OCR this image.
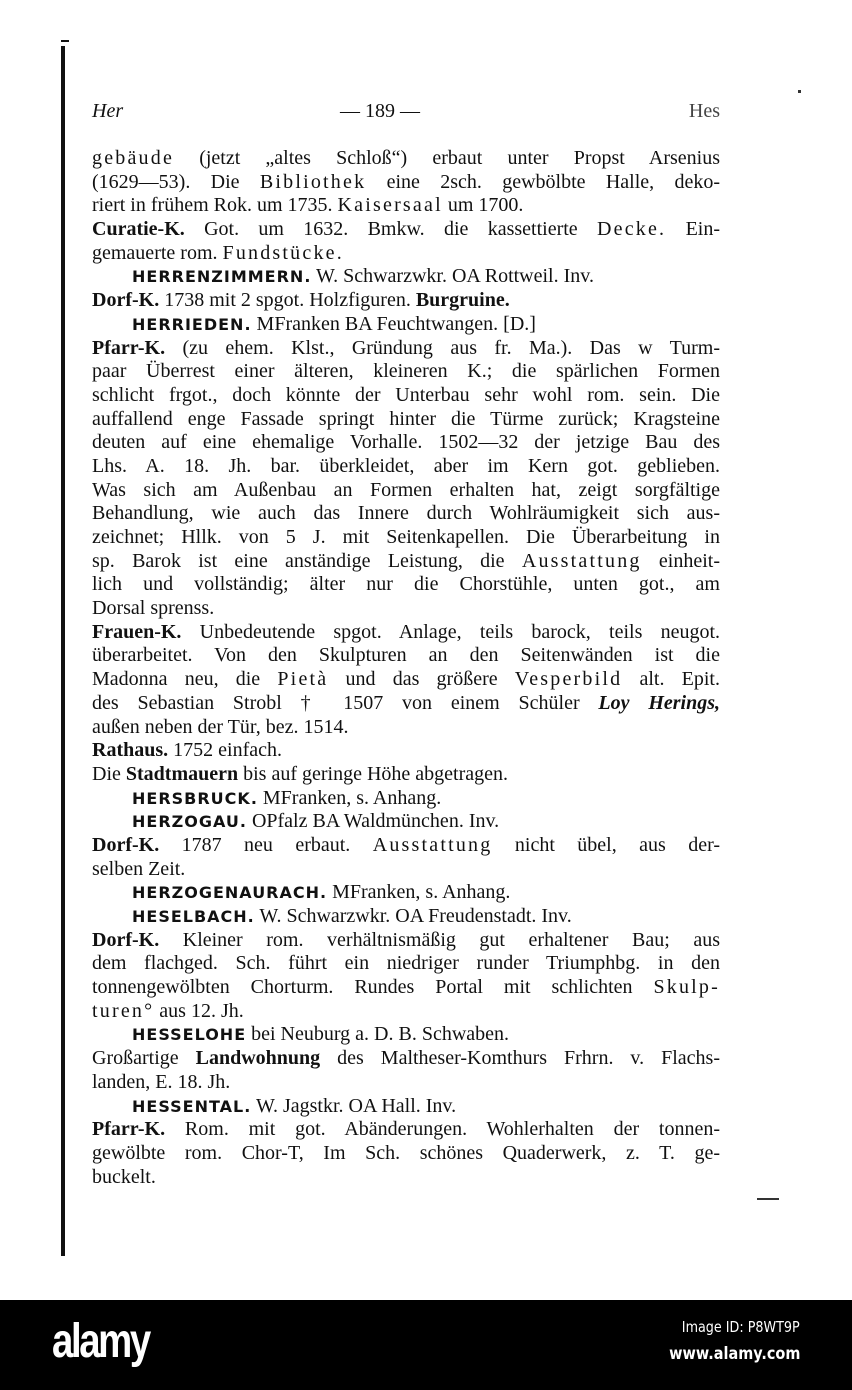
Her	— 189 —	Hes
gebäude (jetzt „altes Schloß“) erbaut unter Propst Arsenius
(1629—53). Die Bibliothek eine 2sch. gewbölbte Halle, deko-
riert in frühem Rok. um 1735. Kaisersaal um 1700.
Curatie-K. Got. um 1632. Bmkw. die kassettierte Decke. Ein-
gemauerte rom. Fundstücke.
HERRENZIMMERN. W. Schwarzwkr. OA Rottweil. Inv.
Dorf-K. 1738 mit 2 spgot. Holzfiguren. Burgruine.
HERRIEDEN. MFranken BA Feuchtwangen. [D.]
Pfarr-K. (zu ehem. Klst., Gründung aus fr. Ma.). Das w Turm-
paar Überrest einer älteren, kleineren K.; die spärlichen Formen
schlicht frgot., doch könnte der Unterbau sehr wohl rom. sein. Die
auffallend enge Fassade springt hinter die Türme zurück; Kragsteine
deuten auf eine ehemalige Vorhalle. 1502—32 der jetzige Bau des
Lhs. A. 18. Jh. bar. überkleidet, aber im Kern got. geblieben.
Was sich am Außenbau an Formen erhalten hat, zeigt sorgfältige
Behandlung, wie auch das Innere durch Wohlräumigkeit sich aus-
zeichnet; Hllk. von 5 J. mit Seitenkapellen. Die Überarbeitung in
sp. Barok ist eine anständige Leistung, die Ausstattung einheit-
lich und vollständig; älter nur die Chorstühle, unten got., am
Dorsal sprenss.
Frauen-K. Unbedeutende spgot. Anlage, teils barock, teils neugot.
überarbeitet. Von den Skulpturen an den Seitenwänden ist die
Madonna neu, die Pietà und das größere Vesperbild alt. Epit.
des Sebastian Strobl † 1507 von einem Schüler Loy Herings,
außen neben der Tür, bez. 1514.
Rathaus. 1752 einfach.
Die Stadtmauern bis auf geringe Höhe abgetragen.
HERSBRUCK. MFranken, s. Anhang.
HERZOGAU. OPfalz BA Waldmünchen. Inv.
Dorf-K. 1787 neu erbaut. Ausstattung nicht übel, aus der-
selben Zeit.
HERZOGENAURACH. MFranken, s. Anhang.
HESELBACH. W. Schwarzwkr. OA Freudenstadt. Inv.
Dorf-K. Kleiner rom. verhältnismäßig gut erhaltener Bau; aus
dem flachged. Sch. führt ein niedriger runder Triumphbg. in den
tonnengewölbten Chorturm. Rundes Portal mit schlichten Skulp-
turen° aus 12. Jh.
HESSELOHE bei Neuburg a. D. B. Schwaben.
Großartige Landwohnung des Maltheser-Komthurs Frhrn. v. Flachs-
landen, E. 18. Jh.
HESSENTAL. W. Jagstkr. OA Hall. Inv.
Pfarr-K. Rom. mit got. Abänderungen. Wohlerhalten der tonnen-
gewölbte rom. Chor-T, Im Sch. schönes Quaderwerk, z. T. ge-
buckelt.
alamy	Image ID: P8WT9P
www.alamy.com
